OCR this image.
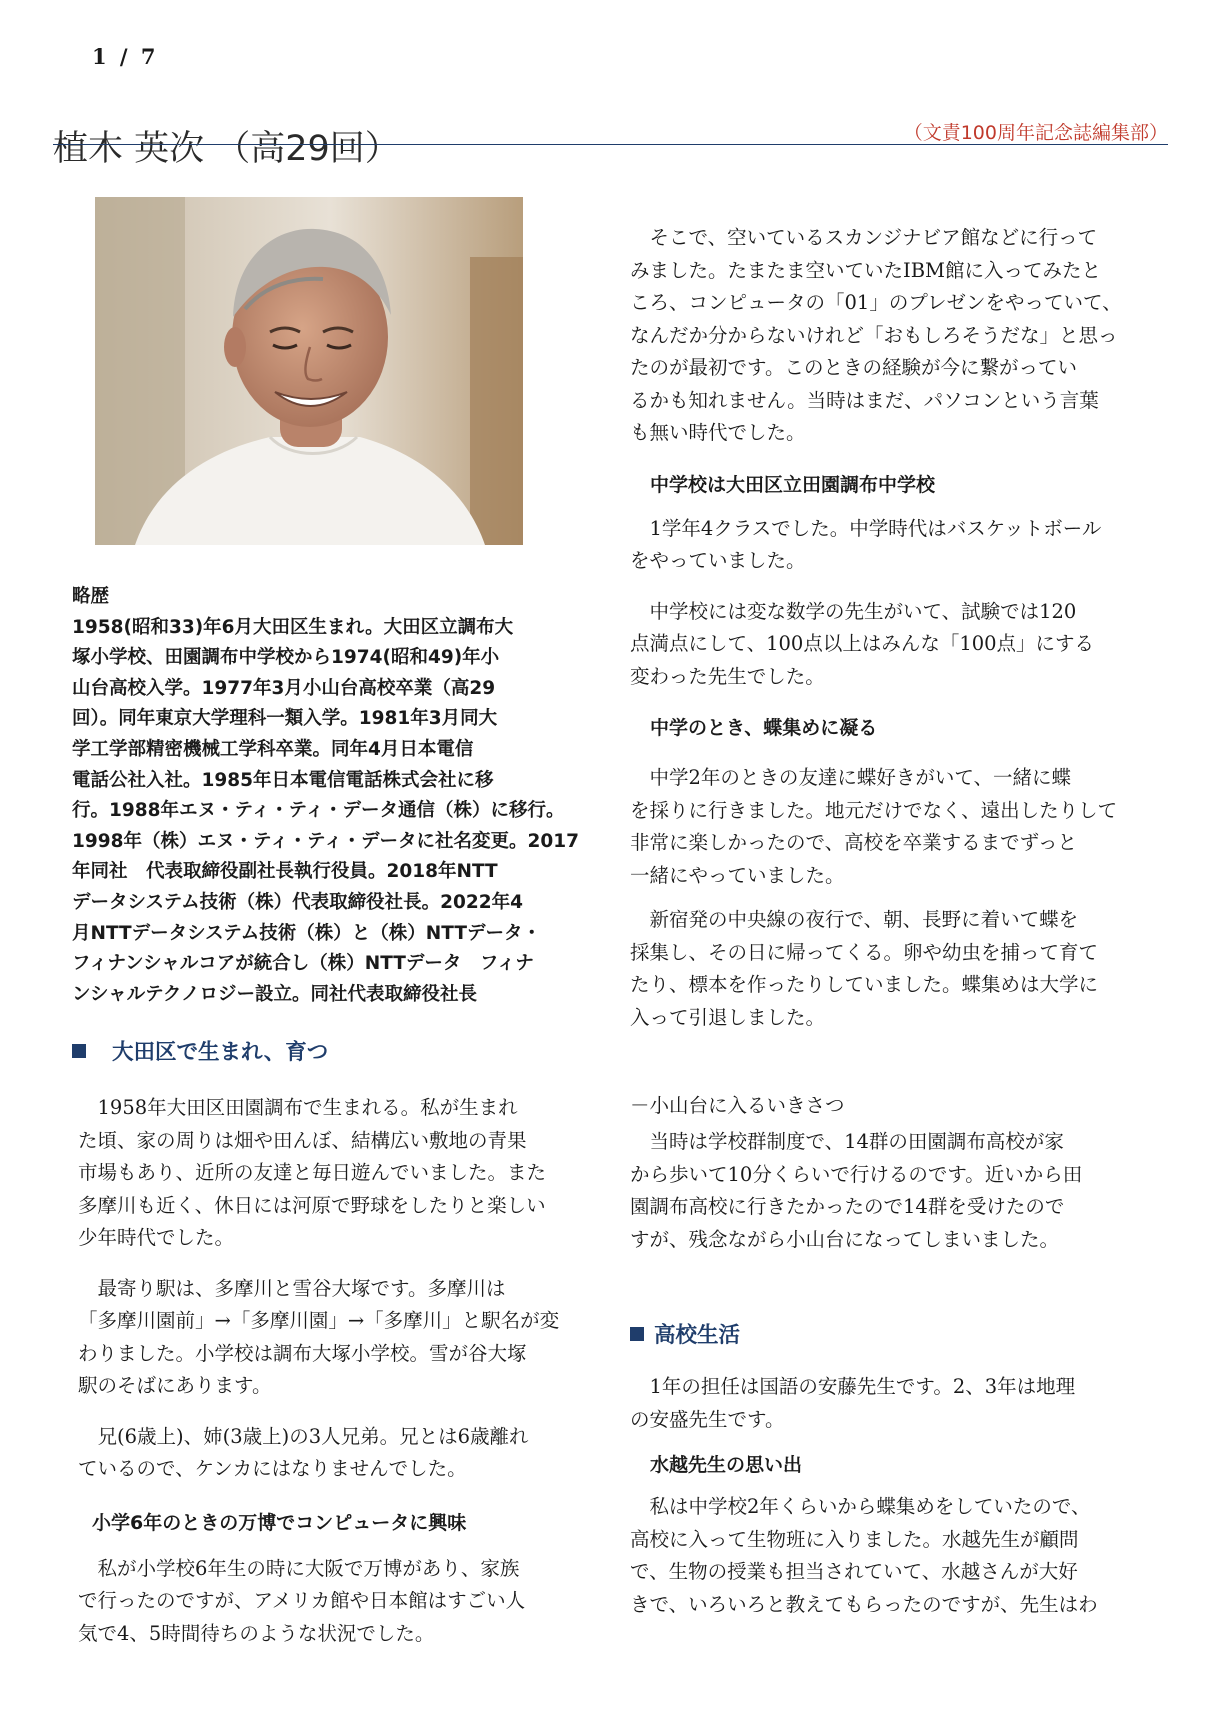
1 / 7
植木 英次 （高29回）	（文責100周年記念誌編集部）
略歴
1958(昭和33)年6月大田区生まれ。大田区立調布大
塚小学校、田園調布中学校から1974(昭和49)年小
山台高校入学。1977年3月小山台高校卒業（高29
回）。同年東京大学理科一類入学。1981年3月同大
学工学部精密機械工学科卒業。同年4月日本電信
電話公社入社。1985年日本電信電話株式会社に移
行。1988年エヌ・ティ・ティ・データ通信（株）に移行。
1998年（株）エヌ・ティ・ティ・データに社名変更。2017
年同社　代表取締役副社長執行役員。2018年NTT
データシステム技術（株）代表取締役社長。2022年4
月NTTデータシステム技術（株）と（株）NTTデータ・
フィナンシャルコアが統合し（株）NTTデータ　フィナ
ンシャルテクノロジー設立。同社代表取締役社長
大田区で生まれ、育つ

1958年大田区田園調布で生まれる。私が生まれ

た頃、家の周りは畑や田んぼ、結構広い敷地の青果

市場もあり、近所の友達と毎日遊んでいました。また

多摩川も近く、休日には河原で野球をしたりと楽しい

少年時代でした。

最寄り駅は、多摩川と雪谷大塚です。多摩川は

「多摩川園前」→「多摩川園」→「多摩川」と駅名が変

わりました。小学校は調布大塚小学校。雪が谷大塚

駅のそばにあります。

兄(6歳上)、姉(3歳上)の3人兄弟。兄とは6歳離れ

ているので、ケンカにはなりませんでした。

小学6年のときの万博でコンピュータに興味

私が小学校6年生の時に大阪で万博があり、家族

で行ったのですが、アメリカ館や日本館はすごい人

気で4、5時間待ちのような状況でした。

そこで、空いているスカンジナビア館などに行って

みました。たまたま空いていたIBM館に入ってみたと

ころ、コンピュータの「01」のプレゼンをやっていて、

なんだか分からないけれど「おもしろそうだな」と思っ

たのが最初です。このときの経験が今に繋がってい

るかも知れません。当時はまだ、パソコンという言葉

も無い時代でした。

中学校は大田区立田園調布中学校

1学年4クラスでした。中学時代はバスケットボール

をやっていました。

中学校には変な数学の先生がいて、試験では120

点満点にして、100点以上はみんな「100点」にする

変わった先生でした。

中学のとき、蝶集めに凝る

中学2年のときの友達に蝶好きがいて、一緒に蝶

を採りに行きました。地元だけでなく、遠出したりして

非常に楽しかったので、高校を卒業するまでずっと

一緒にやっていました。

新宿発の中央線の夜行で、朝、長野に着いて蝶を

採集し、その日に帰ってくる。卵や幼虫を捕って育て

たり、標本を作ったりしていました。蝶集めは大学に

入って引退しました。

－小山台に入るいきさつ

当時は学校群制度で、14群の田園調布高校が家

から歩いて10分くらいで行けるのです。近いから田

園調布高校に行きたかったので14群を受けたので

すが、残念ながら小山台になってしまいました。

高校生活

1年の担任は国語の安藤先生です。2、3年は地理

の安盛先生です。

水越先生の思い出

私は中学校2年くらいから蝶集めをしていたので、

高校に入って生物班に入りました。水越先生が顧問

で、生物の授業も担当されていて、水越さんが大好

きで、いろいろと教えてもらったのですが、先生はわ
